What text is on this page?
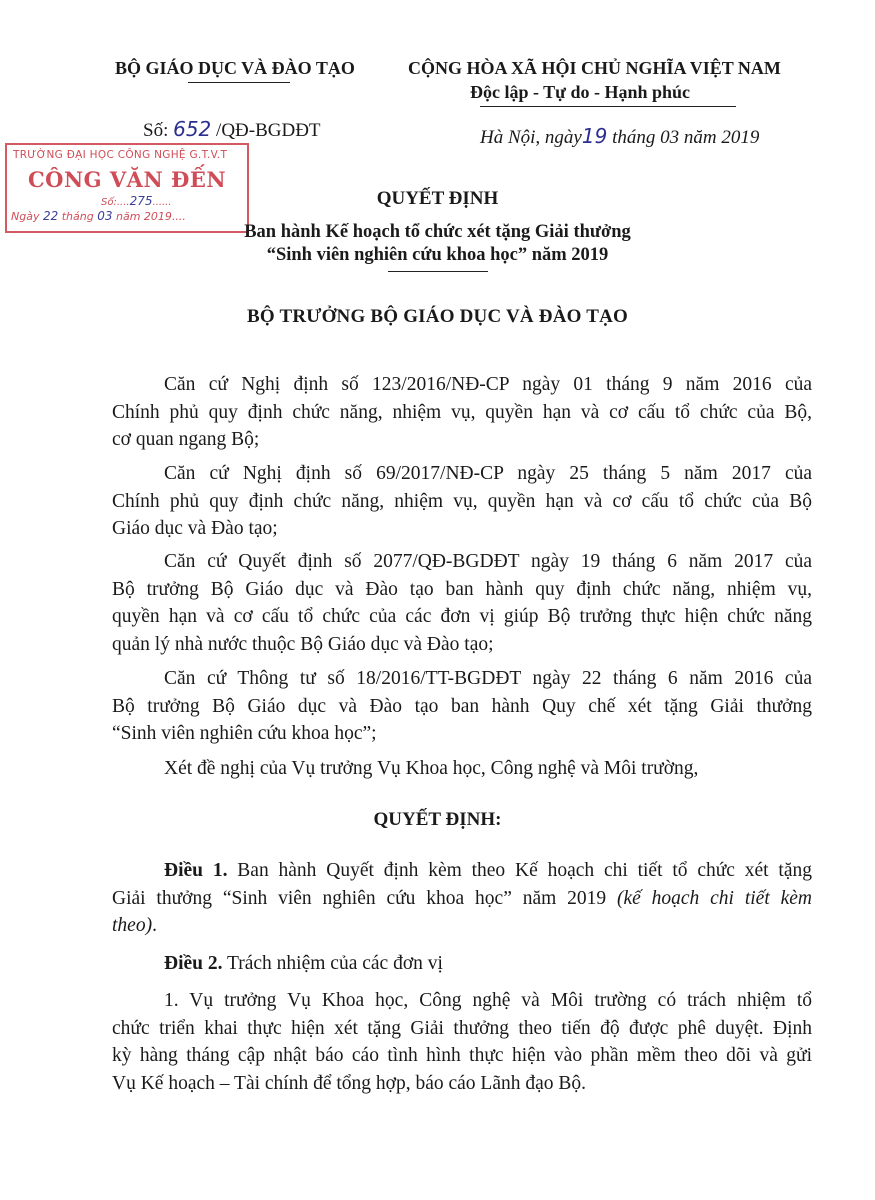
BỘ GIÁO DỤC VÀ ĐÀO TẠO	CỘNG HÒA XÃ HỘI CHỦ NGHĨA VIỆT NAM
Độc lập - Tự do - Hạnh phúc
Số: 652 /QĐ-BGDĐT	Hà Nội, ngày19 tháng 03 năm 2019
TRƯỜNG ĐẠI HỌC CÔNG NGHỆ G.T.V.T
CÔNG VĂN ĐẾN
Số:....275......
Ngày 22 tháng 03 năm 2019....
QUYẾT ĐỊNH
Ban hành Kế hoạch tổ chức xét tặng Giải thưởng
“Sinh viên nghiên cứu khoa học” năm 2019
BỘ TRƯỞNG BỘ GIÁO DỤC VÀ ĐÀO TẠO
Căn cứ Nghị định số 123/2016/NĐ-CP ngày 01 tháng 9 năm 2016 của
Chính phủ quy định chức năng, nhiệm vụ, quyền hạn và cơ cấu tổ chức của Bộ,
cơ quan ngang Bộ;
Căn cứ Nghị định số 69/2017/NĐ-CP ngày 25 tháng 5 năm 2017 của
Chính phủ quy định chức năng, nhiệm vụ, quyền hạn và cơ cấu tổ chức của Bộ
Giáo dục và Đào tạo;
Căn cứ Quyết định số 2077/QĐ-BGDĐT ngày 19 tháng 6 năm 2017 của
Bộ trưởng Bộ Giáo dục và Đào tạo ban hành quy định chức năng, nhiệm vụ,
quyền hạn và cơ cấu tổ chức của các đơn vị giúp Bộ trưởng thực hiện chức năng
quản lý nhà nước thuộc Bộ Giáo dục và Đào tạo;
Căn cứ Thông tư số 18/2016/TT-BGDĐT ngày 22 tháng 6 năm 2016 của
Bộ trưởng Bộ Giáo dục và Đào tạo ban hành Quy chế xét tặng Giải thưởng
“Sinh viên nghiên cứu khoa học”;
Xét đề nghị của Vụ trưởng Vụ Khoa học, Công nghệ và Môi trường,
QUYẾT ĐỊNH:
Điều 1. Ban hành Quyết định kèm theo Kế hoạch chi tiết tổ chức xét tặng
Giải thưởng “Sinh viên nghiên cứu khoa học” năm 2019 (kế hoạch chi tiết kèm
theo).
Điều 2. Trách nhiệm của các đơn vị
1. Vụ trưởng Vụ Khoa học, Công nghệ và Môi trường có trách nhiệm tổ
chức triển khai thực hiện xét tặng Giải thưởng theo tiến độ được phê duyệt. Định
kỳ hàng tháng cập nhật báo cáo tình hình thực hiện vào phần mềm theo dõi và gửi
Vụ Kế hoạch – Tài chính để tổng hợp, báo cáo Lãnh đạo Bộ.
